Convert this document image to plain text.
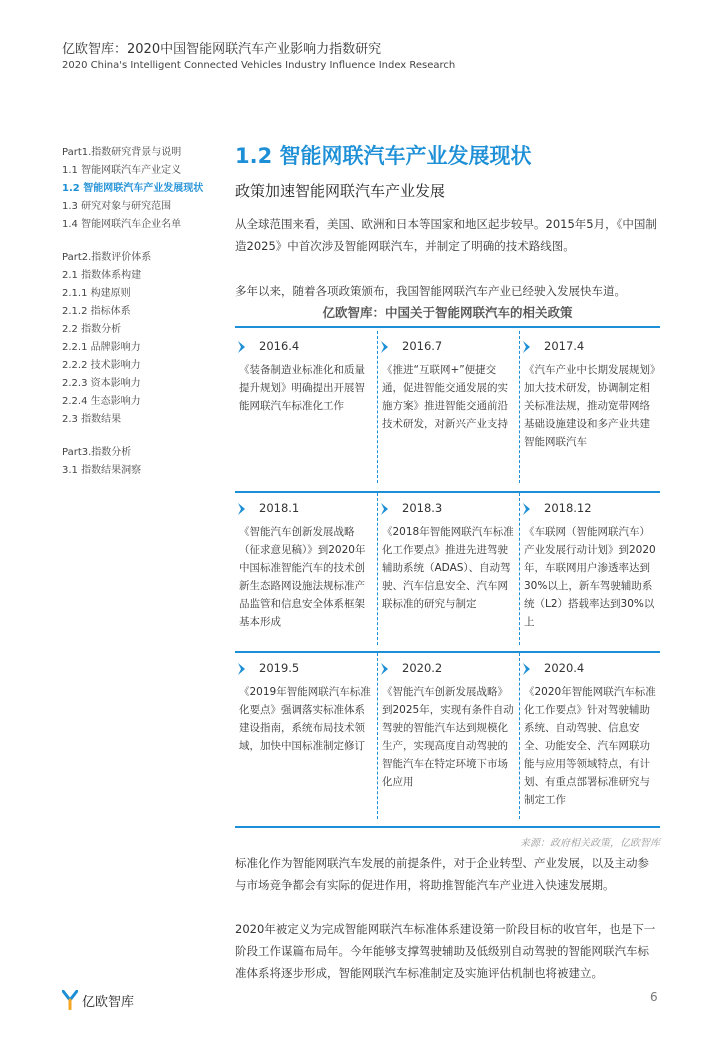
亿欧智库：2020中国智能网联汽车产业影响力指数研究
2020 China's Intelligent Connected Vehicles Industry Influence Index Research
Part1.指数研究背景与说明
1.1 智能网联汽车产业定义
1.2 智能网联汽车产业发展现状
1.3 研究对象与研究范围
1.4 智能网联汽车企业名单
Part2.指数评价体系
2.1 指数体系构建
2.1.1 构建原则
2.1.2 指标体系
2.2 指数分析
2.2.1 品牌影响力
2.2.2 技术影响力
2.2.3 资本影响力
2.2.4 生态影响力
2.3 指数结果
Part3.指数分析
3.1 指数结果洞察
1.2 智能网联汽车产业发展现状
政策加速智能网联汽车产业发展
从全球范围来看，美国、欧洲和日本等国家和地区起步较早。2015年5月，《中国制造2025》中首次涉及智能网联汽车，并制定了明确的技术路线图。
多年以来，随着各项政策颁布，我国智能网联汽车产业已经驶入发展快车道。
亿欧智库：中国关于智能网联汽车的相关政策
2016.4
《装备制造业标准化和质量提升规划》明确提出开展智能网联汽车标准化工作
2016.7
《推进“互联网+”便捷交通，促进智能交通发展的实施方案》推进智能交通前沿技术研发，对新兴产业支持
2017.4
《汽车产业中长期发展规划》加大技术研发，协调制定相关标准法规，推动宽带网络基础设施建设和多产业共建智能网联汽车
2018.1
《智能汽车创新发展战略（征求意见稿）》到2020年中国标准智能汽车的技术创新生态路网设施法规标准产品监管和信息安全体系框架基本形成
2018.3
《2018年智能网联汽车标准化工作要点》推进先进驾驶辅助系统（ADAS）、自动驾驶、汽车信息安全、汽车网联标准的研究与制定
2018.12
《车联网（智能网联汽车）产业发展行动计划》到2020年，车联网用户渗透率达到30%以上，新车驾驶辅助系统（L2）搭载率达到30%以上
2019.5
《2019年智能网联汽车标准化要点》强调落实标准体系建设指南，系统布局技术领域，加快中国标准制定修订
2020.2
《智能汽车创新发展战略》到2025年，实现有条件自动驾驶的智能汽车达到规模化生产，实现高度自动驾驶的智能汽车在特定环境下市场化应用
2020.4
《2020年智能网联汽车标准化工作要点》针对驾驶辅助系统、自动驾驶、信息安全、功能安全、汽车网联功能与应用等领域特点，有计划、有重点部署标准研究与制定工作
来源：政府相关政策，亿欧智库
标准化作为智能网联汽车发展的前提条件，对于企业转型、产业发展，以及主动参与市场竞争都会有实际的促进作用，将助推智能汽车产业进入快速发展期。
2020年被定义为完成智能网联汽车标准体系建设第一阶段目标的收官年，也是下一阶段工作谋篇布局年。今年能够支撑驾驶辅助及低级别自动驾驶的智能网联汽车标准体系将逐步形成，智能网联汽车标准制定及实施评估机制也将被建立。
亿欧智库	6
